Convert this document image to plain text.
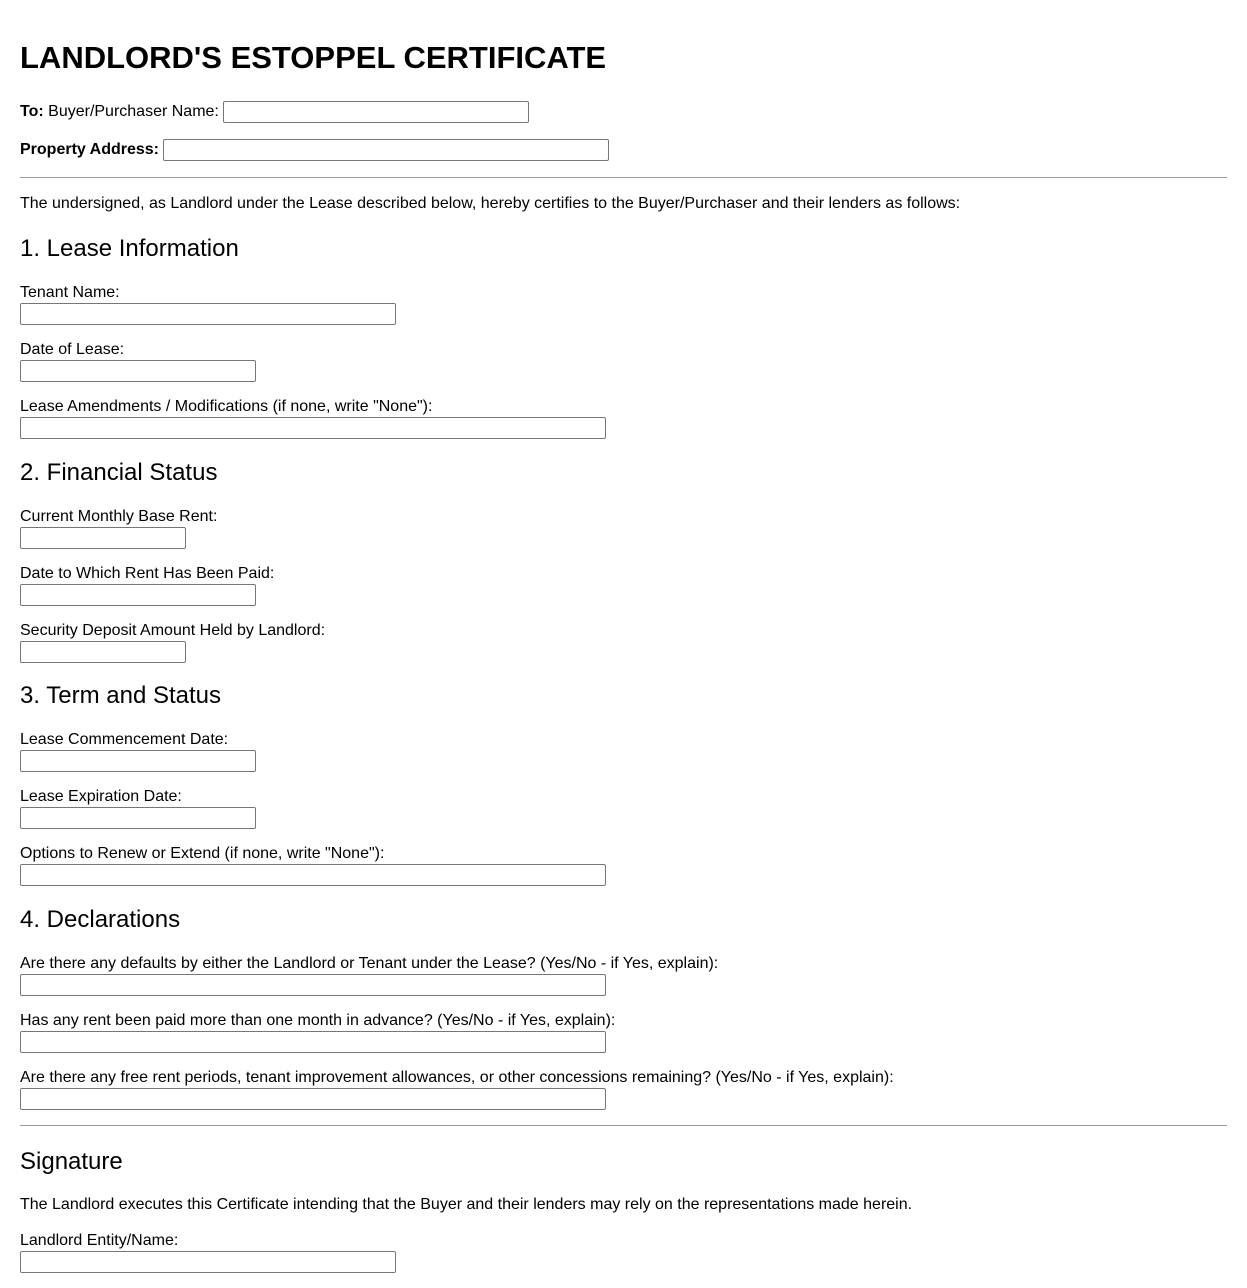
LANDLORD'S ESTOPPEL CERTIFICATE
To: Buyer/Purchaser Name:
Property Address:
The undersigned, as Landlord under the Lease described below, hereby certifies to the Buyer/Purchaser and their lenders as follows:
1. Lease Information
Tenant Name:
Date of Lease:
Lease Amendments / Modifications (if none, write "None"):
2. Financial Status
Current Monthly Base Rent:
Date to Which Rent Has Been Paid:
Security Deposit Amount Held by Landlord:
3. Term and Status
Lease Commencement Date:
Lease Expiration Date:
Options to Renew or Extend (if none, write "None"):
4. Declarations
Are there any defaults by either the Landlord or Tenant under the Lease? (Yes/No - if Yes, explain):
Has any rent been paid more than one month in advance? (Yes/No - if Yes, explain):
Are there any free rent periods, tenant improvement allowances, or other concessions remaining? (Yes/No - if Yes, explain):
Signature
The Landlord executes this Certificate intending that the Buyer and their lenders may rely on the representations made herein.
Landlord Entity/Name:
